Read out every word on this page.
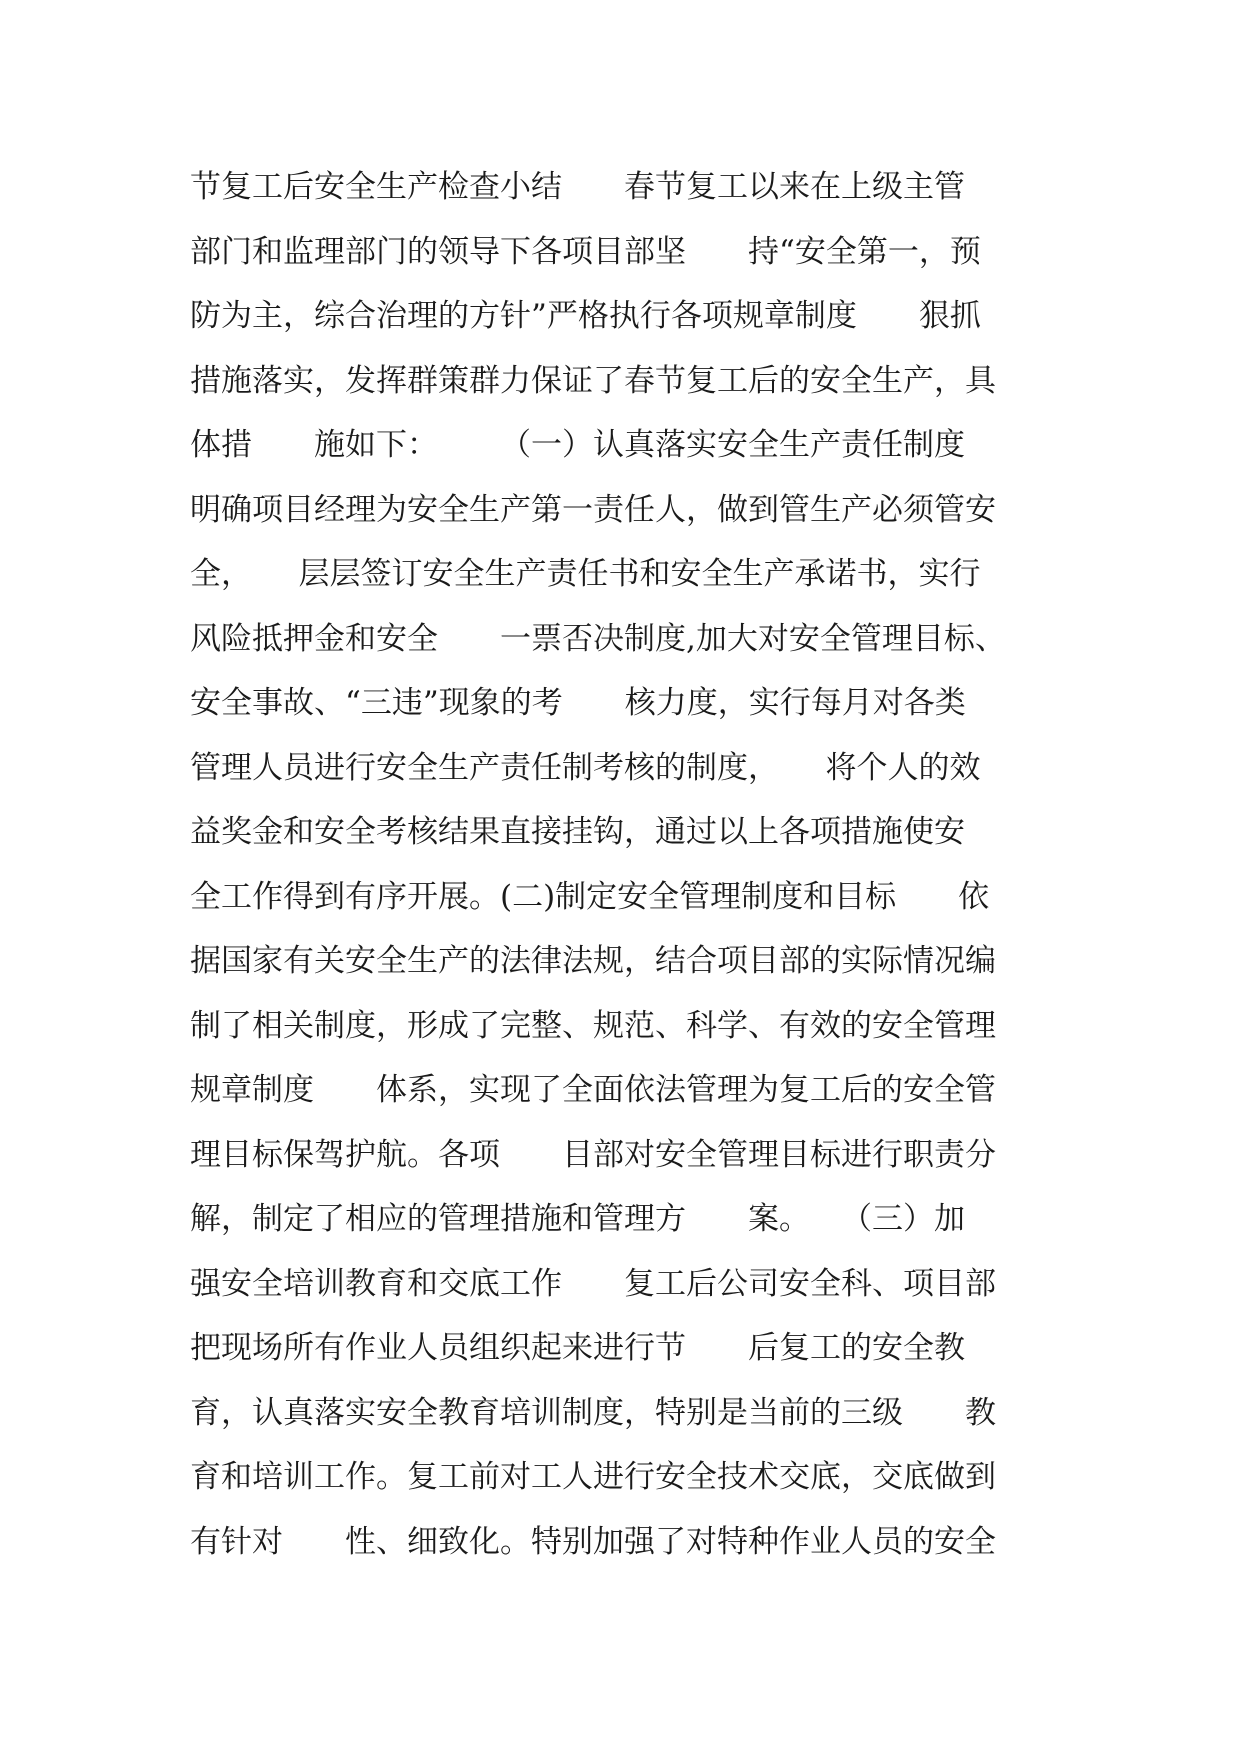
节复工后安全生产检查小结　　春节复工以来在上级主管
部门和监理部门的领导下各项目部坚　　持“安全第一，预
防为主，综合治理的方针”严格执行各项规章制度　　狠抓
措施落实，发挥群策群力保证了春节复工后的安全生产，具
体措　　施如下：　　　（一）认真落实安全生产责任制度
明确项目经理为安全生产第一责任人，做到管生产必须管安
全，　　层层签订安全生产责任书和安全生产承诺书，实行
风险抵押金和安全　　一票否决制度,加大对安全管理目标、
安全事故、“三违”现象的考　　核力度，实行每月对各类
管理人员进行安全生产责任制考核的制度，　　将个人的效
益奖金和安全考核结果直接挂钩，通过以上各项措施使安
全工作得到有序开展。(二)制定安全管理制度和目标　　依
据国家有关安全生产的法律法规，结合项目部的实际情况编
制了相关制度，形成了完整、规范、科学、有效的安全管理
规章制度　　体系，实现了全面依法管理为复工后的安全管
理目标保驾护航。各项　　目部对安全管理目标进行职责分
解，制定了相应的管理措施和管理方　　案。　　（三）加
强安全培训教育和交底工作　　复工后公司安全科、项目部
把现场所有作业人员组织起来进行节　　后复工的安全教
育，认真落实安全教育培训制度，特别是当前的三级　　教
育和培训工作。复工前对工人进行安全技术交底，交底做到
有针对　　性、细致化。特别加强了对特种作业人员的安全
